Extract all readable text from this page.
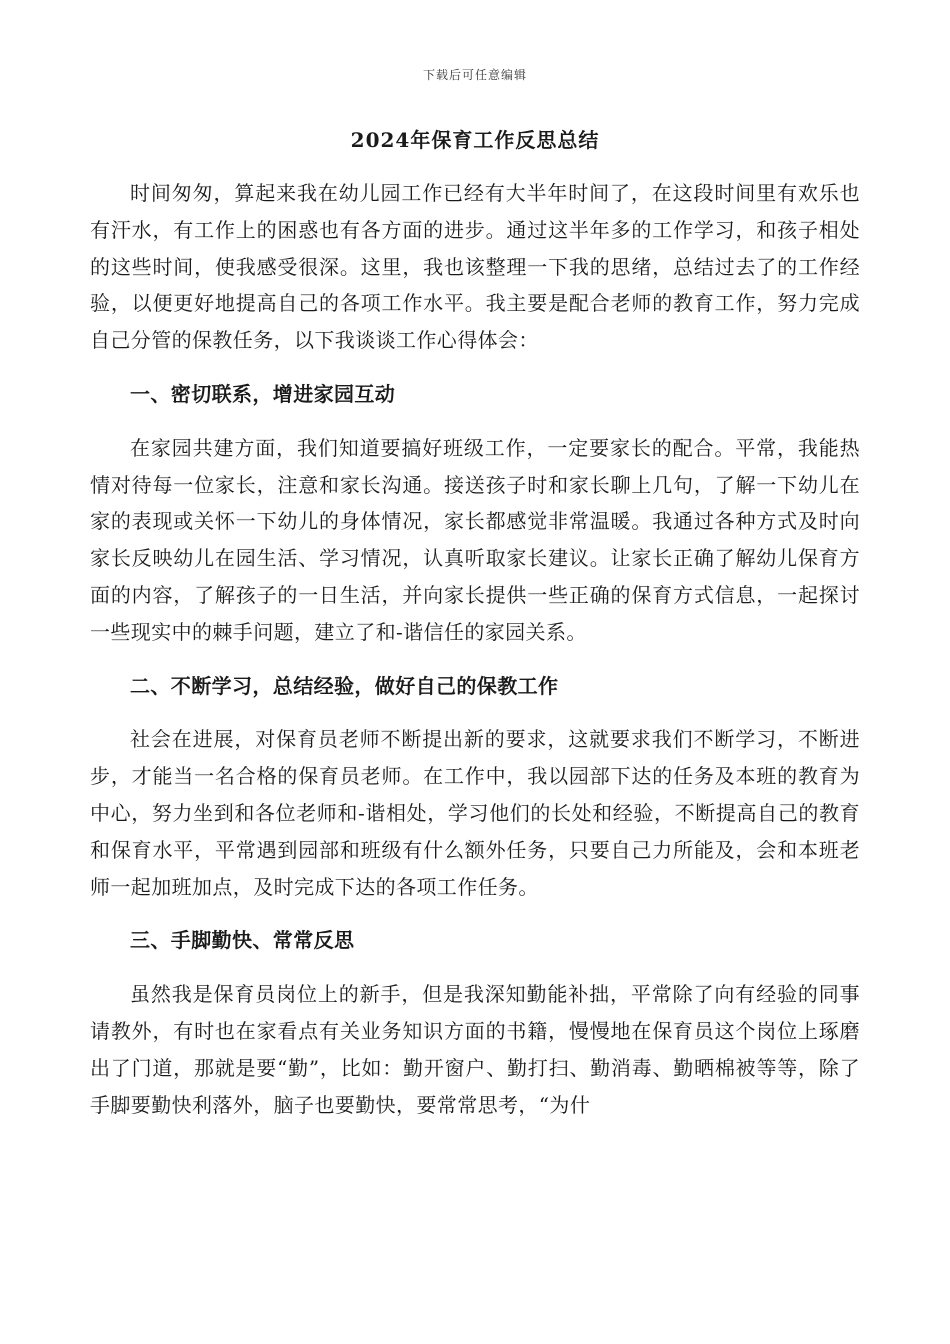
下载后可任意编辑
2024年保育工作反思总结

时间匆匆，算起来我在幼儿园工作已经有大半年时间了，在这段时间里有欢乐也有汗水，有工作上的困惑也有各方面的进步。通过这半年多的工作学习，和孩子相处的这些时间，使我感受很深。这里，我也该整理一下我的思绪，总结过去了的工作经验，以便更好地提高自己的各项工作水平。我主要是配合老师的教育工作，努力完成自己分管的保教任务，以下我谈谈工作心得体会：

一、密切联系，增进家园互动

在家园共建方面，我们知道要搞好班级工作，一定要家长的配合。平常，我能热情对待每一位家长，注意和家长沟通。接送孩子时和家长聊上几句，了解一下幼儿在家的表现或关怀一下幼儿的身体情况，家长都感觉非常温暖。我通过各种方式及时向家长反映幼儿在园生活、学习情况，认真听取家长建议。让家长正确了解幼儿保育方面的内容，了解孩子的一日生活，并向家长提供一些正确的保育方式信息，一起探讨一些现实中的棘手问题，建立了和-谐信任的家园关系。

二、不断学习，总结经验，做好自己的保教工作

社会在进展，对保育员老师不断提出新的要求，这就要求我们不断学习，不断进步，才能当一名合格的保育员老师。在工作中，我以园部下达的任务及本班的教育为中心，努力坐到和各位老师和-谐相处，学习他们的长处和经验，不断提高自己的教育和保育水平，平常遇到园部和班级有什么额外任务，只要自己力所能及，会和本班老师一起加班加点，及时完成下达的各项工作任务。

三、手脚勤快、常常反思

虽然我是保育员岗位上的新手，但是我深知勤能补拙，平常除了向有经验的同事请教外，有时也在家看点有关业务知识方面的书籍，慢慢地在保育员这个岗位上琢磨出了门道，那就是要“勤”，比如：勤开窗户、勤打扫、勤消毒、勤晒棉被等等，除了手脚要勤快利落外，脑子也要勤快，要常常思考，“为什
